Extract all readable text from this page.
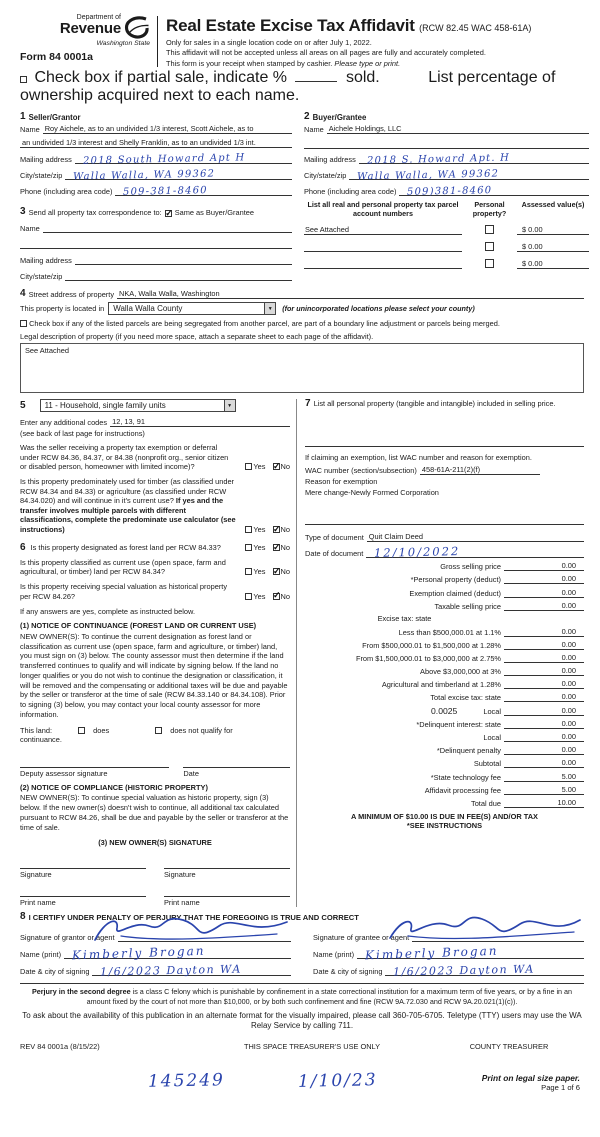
Department of
Revenue
Washington State
Form 84 0001a
Real Estate Excise Tax Affidavit (RCW 82.45 WAC 458-61A)
Only for sales in a single location code on or after July 1, 2022.
This affidavit will not be accepted unless all areas on all pages are fully and accurately completed.
This form is your receipt when stamped by cashier. Please type or print.
Check box if partial sale, indicate %	sold.	List percentage of ownership acquired next to each name.
1 Seller/Grantor
Name Roy Aichele, as to an undivided 1/3 interest, Scott Aichele, as to
an undivided 1/3 interest and Shelly Franklin, as to an undivided 1/3 int.
Mailing address 2018 South Howard Apt H
City/state/zip Walla Walla, WA 99362
Phone (including area code) 509-381-8460
3 Send all property tax correspondence to: ✓ Same as Buyer/Grantee
Name
Mailing address
City/state/zip
2 Buyer/Grantee
Name Aichele Holdings, LLC
Mailing address 2018 S. Howard Apt. H
City/state/zip Walla Walla, WA 99362
Phone (including area code) 509)381-8460
List all real and personal property tax parcel account numbers
Personal property?
Assessed value(s)
See Attached	$ 0.00
$ 0.00
$ 0.00
4 Street address of property NKA, Walla Walla, Washington
This property is located in	Walla Walla County	▼	(for unincorporated locations please select your county)
Check box if any of the listed parcels are being segregated from another parcel, are part of a boundary line adjustment or parcels being merged.
Legal description of property (if you need more space, attach a separate sheet to each page of the affidavit).
See Attached
5	11 - Household, single family units	▼
Enter any additional codes 12, 13, 91
(see back of last page for instructions)
Was the seller receiving a property tax exemption or deferral under RCW 84.36, 84.37, or 84.38 (nonprofit org., senior citizen or disabled person, homeowner with limited income)?	Yes ✓ No
Is this property predominately used for timber (as classified under RCW 84.34 and 84.33) or agriculture (as classified under RCW 84.34.020) and will continue in it's current use? If yes and the transfer involves multiple parcels with different classifications, complete the predominate use calculator (see instructions)	Yes ✓ No
6 Is this property designated as forest land per RCW 84.33?	Yes ✓ No
Is this property classified as current use (open space, farm and agricultural, or timber) land per RCW 84.34?	Yes ✓ No
Is this property receiving special valuation as historical property per RCW 84.26?	Yes ✓ No
If any answers are yes, complete as instructed below.
(1) NOTICE OF CONTINUANCE (FOREST LAND OR CURRENT USE)
NEW OWNER(S): To continue the current designation as forest land or classification as current use (open space, farm and agriculture, or timber) land, you must sign on (3) below. The county assessor must then determine if the land transferred continues to qualify and will indicate by signing below. If the land no longer qualifies or you do not wish to continue the designation or classification, it will be removed and the compensating or additional taxes will be due and payable by the seller or transferor at the time of sale (RCW 84.33.140 or 84.34.108). Prior to signing (3) below, you may contact your local county assessor for more information.
This land:	does	does not qualify for
continuance.
Deputy assessor signature	Date
(2) NOTICE OF COMPLIANCE (HISTORIC PROPERTY)
NEW OWNER(S): To continue special valuation as historic property, sign (3) below. If the new owner(s) doesn't wish to continue, all additional tax calculated pursuant to RCW 84.26, shall be due and payable by the seller or transferor at the time of sale.
(3) NEW OWNER(S) SIGNATURE
Signature	Signature
Print name	Print name
7 List all personal property (tangible and intangible) included in selling price.
If claiming an exemption, list WAC number and reason for exemption.
WAC number (section/subsection) 458-61A-211(2)(f)
Reason for exemption
Mere change-Newly Formed Corporation
Type of document Quit Claim Deed
Date of document 12/10/2022
Gross selling price	0.00
*Personal property (deduct)	0.00
Exemption claimed (deduct)	0.00
Taxable selling price	0.00
Excise tax: state
Less than $500,000.01 at 1.1%	0.00
From $500,000.01 to $1,500,000 at 1.28%	0.00
From $1,500,000.01 to $3,000,000 at 2.75%	0.00
Above $3,000,000 at 3%	0.00
Agricultural and timberland at 1.28%	0.00
Total excise tax: state	0.00
0.0025	Local	0.00
*Delinquent interest: state	0.00
Local	0.00
*Delinquent penalty	0.00
Subtotal	0.00
*State technology fee	5.00
Affidavit processing fee	5.00
Total due	10.00
A MINIMUM OF $10.00 IS DUE IN FEE(S) AND/OR TAX
*SEE INSTRUCTIONS
8 I CERTIFY UNDER PENALTY OF PERJURY THAT THE FOREGOING IS TRUE AND CORRECT
Signature of grantor or agent
Name (print) Kimberly Brogan
Date & city of signing 1/6/2023 Dayton WA
Signature of grantee or agent
Name (print) Kimberly Brogan
Date & city of signing 1/6/2023 Dayton WA
Perjury in the second degree is a class C felony which is punishable by confinement in a state correctional institution for a maximum term of five years, or by a fine in an amount fixed by the court of not more than $10,000, or by both such confinement and fine (RCW 9A.72.030 and RCW 9A.20.021(1)(c)).
To ask about the availability of this publication in an alternate format for the visually impaired, please call 360-705-6705. Teletype (TTY) users may use the WA Relay Service by calling 711.
REV 84 0001a (8/15/22)	THIS SPACE TREASURER'S USE ONLY	COUNTY TREASURER
145249	1/10/23	Print on legal size paper.
Page 1 of 6
